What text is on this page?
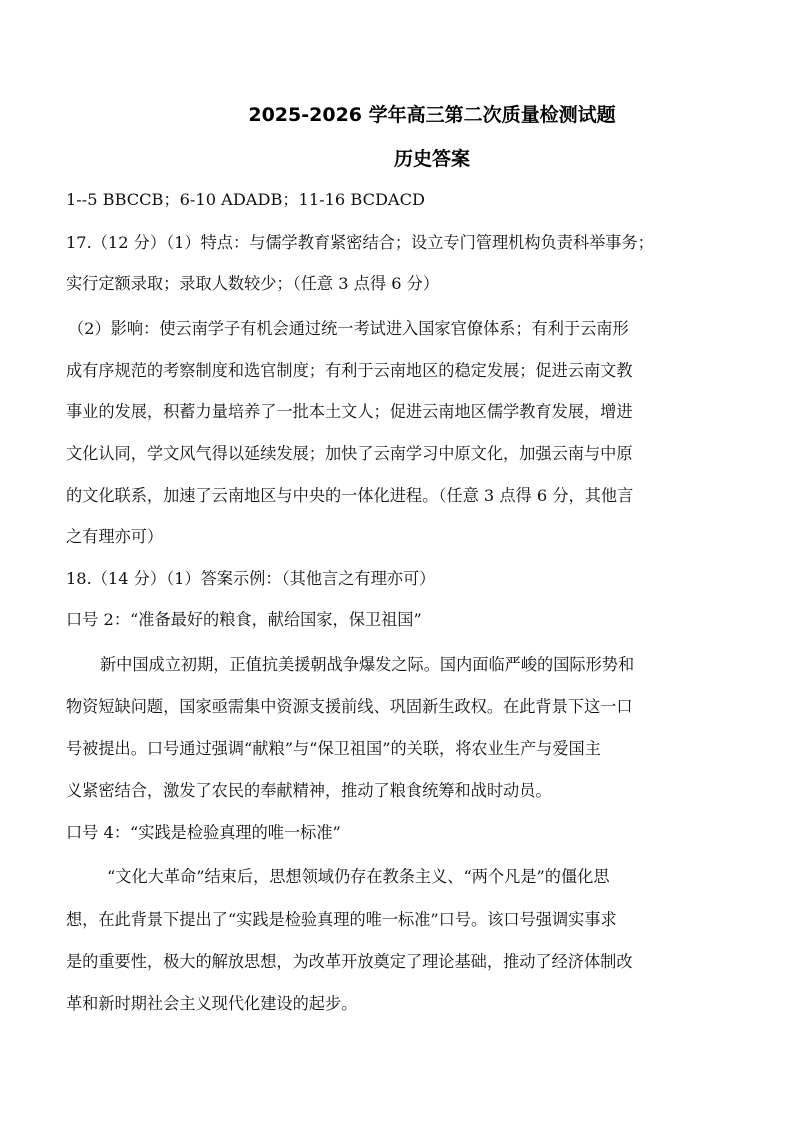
2025-2026 学年高三第二次质量检测试题
历史答案
1--5 BBCCB；6-10 ADADB；11-16 BCDACD
17.（12 分）（1）特点：与儒学教育紧密结合；设立专门管理机构负责科举事务；
实行定额录取；录取人数较少；（任意 3 点得 6 分）
（2）影响：使云南学子有机会通过统一考试进入国家官僚体系；有利于云南形
成有序规范的考察制度和选官制度；有利于云南地区的稳定发展；促进云南文教
事业的发展，积蓄力量培养了一批本土文人；促进云南地区儒学教育发展，增进
文化认同，学文风气得以延续发展；加快了云南学习中原文化，加强云南与中原
的文化联系，加速了云南地区与中央的一体化进程。（任意 3 点得 6 分，其他言
之有理亦可）
18.（14 分）（1）答案示例：（其他言之有理亦可）
口号 2：“准备最好的粮食，献给国家，保卫祖国”
新中国成立初期，正值抗美援朝战争爆发之际。国内面临严峻的国际形势和
物资短缺问题，国家亟需集中资源支援前线、巩固新生政权。在此背景下这一口
号被提出。口号通过强调“献粮”与“保卫祖国”的关联，将农业生产与爱国主
义紧密结合，激发了农民的奉献精神，推动了粮食统筹和战时动员。
口号 4：“实践是检验真理的唯一标准”
“文化大革命”结束后，思想领域仍存在教条主义、“两个凡是”的僵化思
想，在此背景下提出了“实践是检验真理的唯一标准”口号。该口号强调实事求
是的重要性，极大的解放思想，为改革开放奠定了理论基础，推动了经济体制改
革和新时期社会主义现代化建设的起步。
